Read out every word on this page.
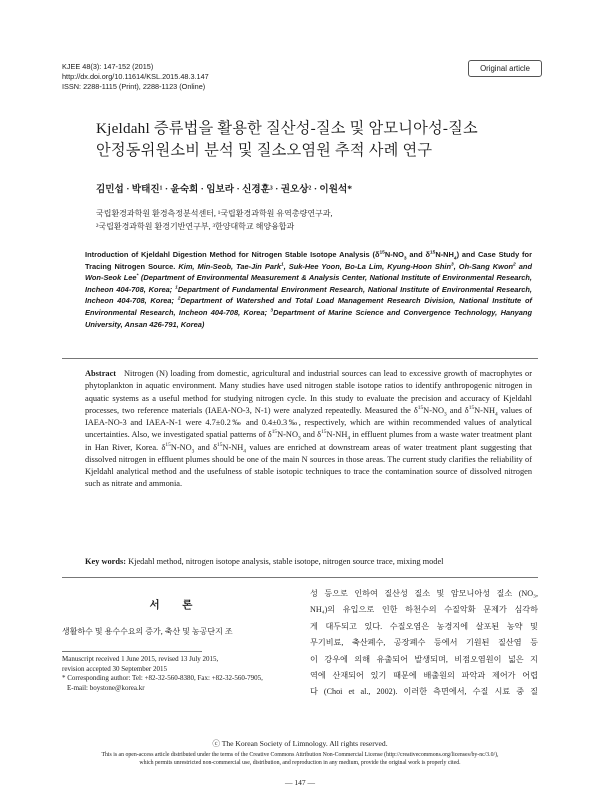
KJEE 48(3): 147-152 (2015)
http://dx.doi.org/10.11614/KSL.2015.48.3.147
ISSN: 2288-1115 (Print), 2288-1123 (Online)
Original article
Kjeldahl 증류법을 활용한 질산성-질소 및 암모니아성-질소
안정동위원소비 분석 및 질소오염원 추적 사례 연구
김민섭 · 박태진¹ · 윤숙희 · 임보라 · 신경훈³ · 권오상² · 이원석*
국립환경과학원 환경측정분석센터, ¹국립환경과학원 유역총량연구과,
²국립환경과학원 환경기반연구부, ³한양대학교 해양융합과
Introduction of Kjeldahl Digestion Method for Nitrogen Stable Isotope Analysis ($\delta^{15}N-NO_3$ and $\delta^{15}N-NH_4$) and Case Study for Tracing Nitrogen Source. Kim, Min-Seob, Tae-Jin Park$^1$, Suk-Hee Yoon, Bo-La Lim, Kyung-Hoon Shin$^3$, Oh-Sang Kwon$^2$ and Won-Seok Lee* (Department of Environmental Measurement & Analysis Center, National Institute of Environmental Research, Incheon 404-708, Korea; $^1$Department of Fundamental Environment Research, National Institute of Environmental Research, Incheon 404-708, Korea; $^2$Department of Watershed and Total Load Management Research Division, National Institute of Environmental Research, Incheon 404-708, Korea; $^3$Department of Marine Science and Convergence Technology, Hanyang University, Ansan 426-791, Korea)
Abstract Nitrogen (N) loading from domestic, agricultural and industrial sources can lead to excessive growth of macrophytes or phytoplankton in aquatic environment. Many studies have used nitrogen stable isotope ratios to identify anthropogenic nitrogen in aquatic systems as a useful method for studying nitrogen cycle. In this study to evaluate the precision and accuracy of Kjeldahl processes, two reference materials (IAEA-NO-3, N-1) were analyzed repeatedly. Measured the $\delta^{15}N-NO_3$ and $\delta^{15}N-NH_4$ values of IAEA-NO-3 and IAEA-N-1 were 4.7±0.2‰ and 0.4±0.3‰, respectively, which are within recommended values of analytical uncertainties. Also, we investigated spatial patterns of $\delta^{15}N-NO_3$ and $\delta^{15}N-NH_4$ in effluent plumes from a waste water treatment plant in Han River, Korea. $\delta^{15}N-NO_3$ and $\delta^{15}N-NH_4$ values are enriched at downstream areas of water treatment plant suggesting that dissolved nitrogen in effluent plumes should be one of the main N sources in those areas. The current study clarifies the reliability of Kjeldahl analytical method and the usefulness of stable isotopic techniques to trace the contamination source of dissolved nitrogen such as nitrate and ammonia.
Key words: Kjedahl method, nitrogen isotope analysis, stable isotope, nitrogen source trace, mixing model
서 론
생활하수 및 용수수요의 증가, 축산 및 농공단지 조
Manuscript received 1 June 2015, revised 13 July 2015,
revision accepted 30 September 2015
* Corresponding author: Tel: +82-32-560-8380, Fax: +82-32-560-7905,
E-mail: boystone@korea.kr
성 등으로 인하여 질산성 질소 및 암모니아성 질소 (NO₃,
NH₄)의 유입으로 인한 하천수의 수질악화 문제가 심각하
게 대두되고 있다. 수질오염은 농경지에 살포된 농약 및
무기비료, 축산폐수, 공장폐수 등에서 기원된 질산염 등
이 강우에 의해 유출되어 발생되며, 비점오염원이 넓은 지
역에 산재되어 있기 때문에 배출원의 파악과 제어가 어렵
다 (Choi et al., 2002). 이러한 측면에서, 수질 시료 중 질
ⓒ The Korean Society of Limnology. All rights reserved.
This is an open-access article distributed under the terms of the Creative Commons Attribution Non-Commercial License (http://creativecommons.org/licenses/by-nc/3.0/),
which permits unrestricted non-commercial use, distribution, and reproduction in any medium, provide the original work is properly cited.
— 147 —
